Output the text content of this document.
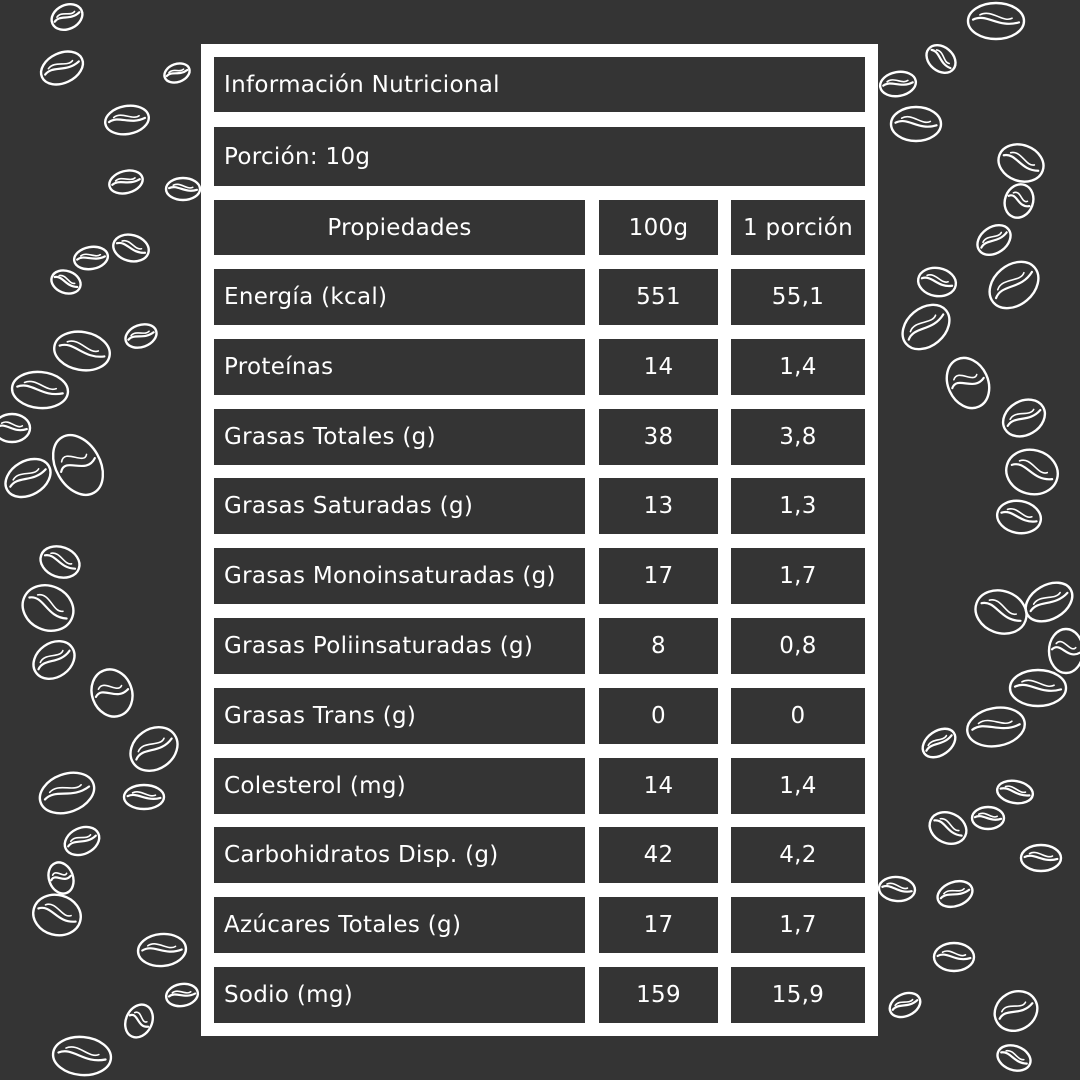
Información Nutricional
Porción: 10g
Propiedades	100g	1 porción
Energía (kcal)	551	55,1
Proteínas	14	1,4
Grasas Totales (g)	38	3,8
Grasas Saturadas (g)	13	1,3
Grasas Monoinsaturadas (g)	17	1,7
Grasas Poliinsaturadas (g)	8	0,8
Grasas Trans (g)	0	0
Colesterol (mg)	14	1,4
Carbohidratos Disp. (g)	42	4,2
Azúcares Totales (g)	17	1,7
Sodio (mg)	159	15,9
